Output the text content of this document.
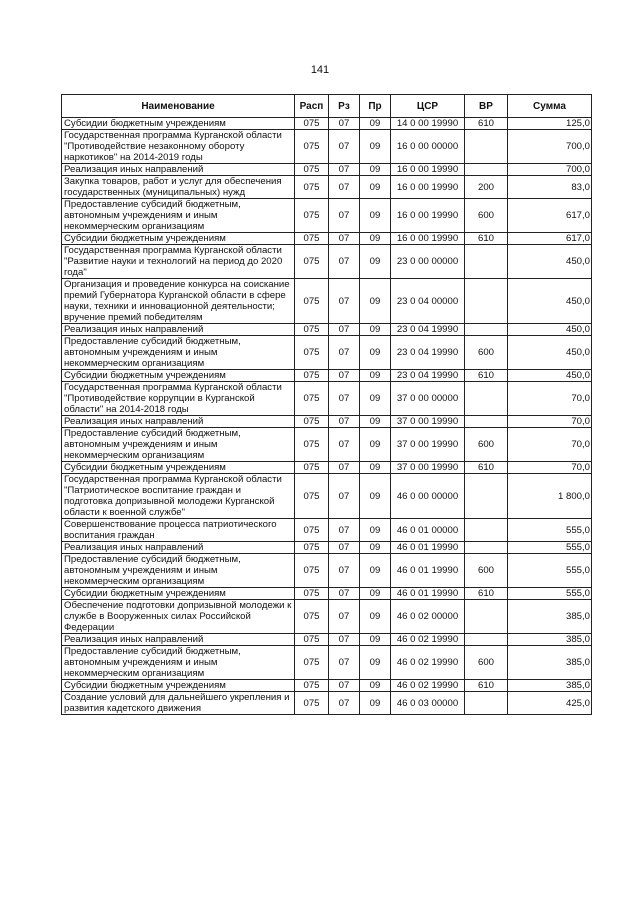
141
Наименование	Расп	Рз	Пр	ЦСР	ВР	Сумма
Субсидии бюджетным учреждениям	075	07	09	14 0 00 19990	610	125,0
Государственная программа Курганской области "Противодействие незаконному обороту наркотиков" на 2014-2019 годы	075	07	09	16 0 00 00000		700,0
Реализация иных направлений	075	07	09	16 0 00 19990		700,0
Закупка товаров, работ и услуг для обеспечения государственных (муниципальных) нужд	075	07	09	16 0 00 19990	200	83,0
Предоставление субсидий бюджетным, автономным учреждениям и иным некоммерческим организациям	075	07	09	16 0 00 19990	600	617,0
Субсидии бюджетным учреждениям	075	07	09	16 0 00 19990	610	617,0
Государственная программа Курганской области "Развитие науки и технологий на период до 2020 года"	075	07	09	23 0 00 00000		450,0
Организация и проведение конкурса на соискание премий Губернатора Курганской области в сфере науки, техники и инновационной деятельности; вручение премий победителям	075	07	09	23 0 04 00000		450,0
Реализация иных направлений	075	07	09	23 0 04 19990		450,0
Предоставление субсидий бюджетным, автономным учреждениям и иным некоммерческим организациям	075	07	09	23 0 04 19990	600	450,0
Субсидии бюджетным учреждениям	075	07	09	23 0 04 19990	610	450,0
Государственная программа Курганской области "Противодействие коррупции в Курганской области" на 2014-2018 годы	075	07	09	37 0 00 00000		70,0
Реализация иных направлений	075	07	09	37 0 00 19990		70,0
Предоставление субсидий бюджетным, автономным учреждениям и иным некоммерческим организациям	075	07	09	37 0 00 19990	600	70,0
Субсидии бюджетным учреждениям	075	07	09	37 0 00 19990	610	70,0
Государственная программа Курганской области "Патриотическое воспитание граждан и подготовка допризывной молодежи Курганской области к военной службе"	075	07	09	46 0 00 00000		1 800,0
Совершенствование процесса патриотического воспитания граждан	075	07	09	46 0 01 00000		555,0
Реализация иных направлений	075	07	09	46 0 01 19990		555,0
Предоставление субсидий бюджетным, автономным учреждениям и иным некоммерческим организациям	075	07	09	46 0 01 19990	600	555,0
Субсидии бюджетным учреждениям	075	07	09	46 0 01 19990	610	555,0
Обеспечение подготовки допризывной молодежи к службе в Вооруженных силах Российской Федерации	075	07	09	46 0 02 00000		385,0
Реализация иных направлений	075	07	09	46 0 02 19990		385,0
Предоставление субсидий бюджетным, автономным учреждениям и иным некоммерческим организациям	075	07	09	46 0 02 19990	600	385,0
Субсидии бюджетным учреждениям	075	07	09	46 0 02 19990	610	385,0
Создание условий для дальнейшего укрепления и развития кадетского движения	075	07	09	46 0 03 00000		425,0
